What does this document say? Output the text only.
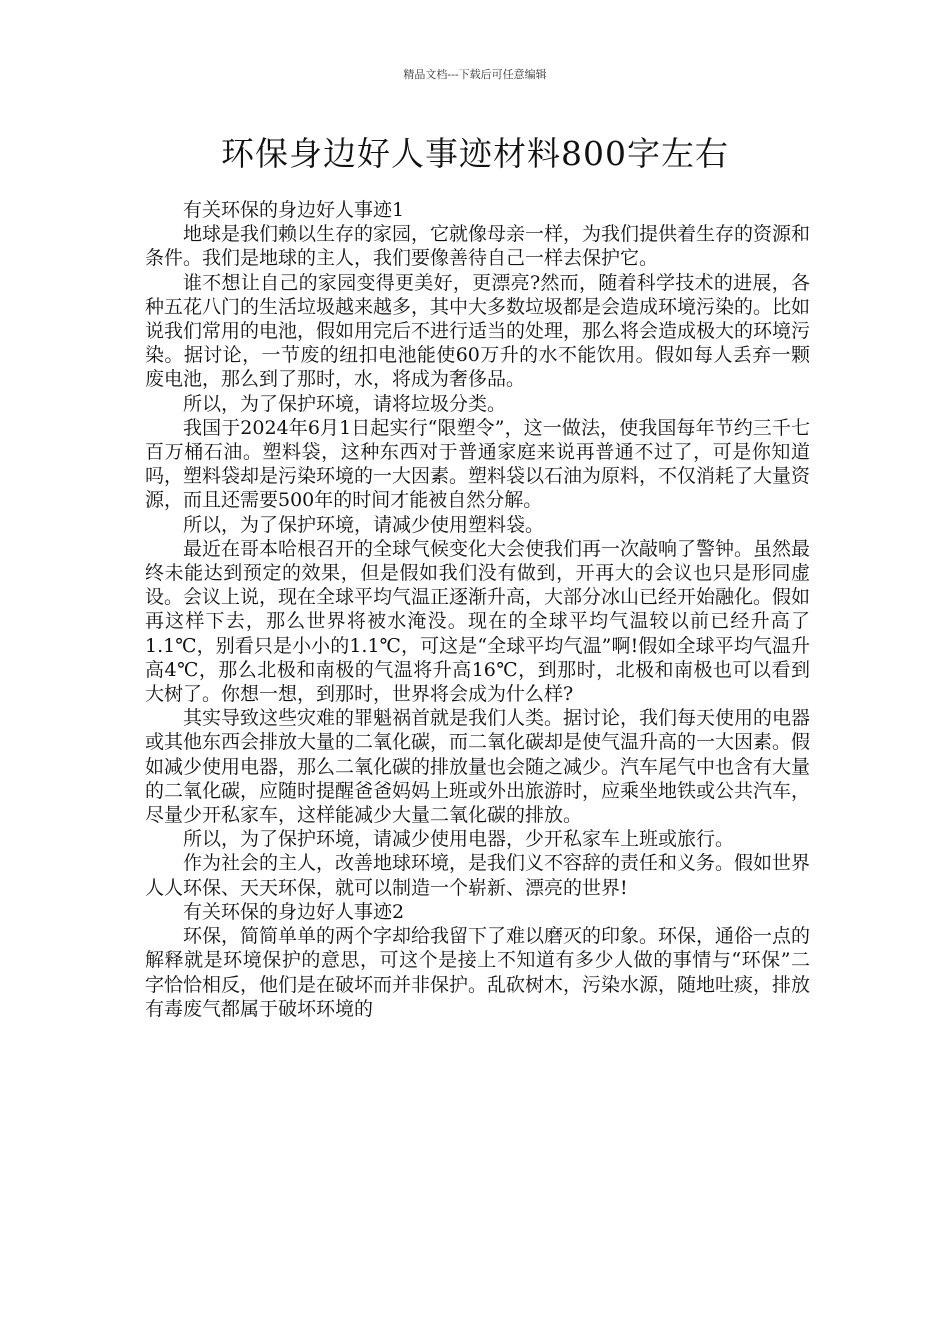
精品文档---下载后可任意编辑
环保身边好人事迹材料800字左右

有关环保的身边好人事迹1

地球是我们赖以生存的家园，它就像母亲一样，为我们提供着生存的资源和条件。我们是地球的主人，我们要像善待自己一样去保护它。

谁不想让自己的家园变得更美好，更漂亮?然而，随着科学技术的进展，各种五花八门的生活垃圾越来越多，其中大多数垃圾都是会造成环境污染的。比如说我们常用的电池，假如用完后不进行适当的处理，那么将会造成极大的环境污染。据讨论，一节废的纽扣电池能使60万升的水不能饮用。假如每人丢弃一颗废电池，那么到了那时，水，将成为奢侈品。

所以，为了保护环境，请将垃圾分类。

我国于2024年6月1日起实行“限塑令”，这一做法，使我国每年节约三千七百万桶石油。塑料袋，这种东西对于普通家庭来说再普通不过了，可是你知道吗，塑料袋却是污染环境的一大因素。塑料袋以石油为原料，不仅消耗了大量资源，而且还需要500年的时间才能被自然分解。

所以，为了保护环境，请减少使用塑料袋。

最近在哥本哈根召开的全球气候变化大会使我们再一次敲响了警钟。虽然最终未能达到预定的效果，但是假如我们没有做到，开再大的会议也只是形同虚设。会议上说，现在全球平均气温正逐渐升高，大部分冰山已经开始融化。假如再这样下去，那么世界将被水淹没。现在的全球平均气温较以前已经升高了1.1℃，别看只是小小的1.1℃，可这是“全球平均气温”啊!假如全球平均气温升高4℃，那么北极和南极的气温将升高16℃，到那时，北极和南极也可以看到大树了。你想一想，到那时，世界将会成为什么样?

其实导致这些灾难的罪魁祸首就是我们人类。据讨论，我们每天使用的电器或其他东西会排放大量的二氧化碳，而二氧化碳却是使气温升高的一大因素。假如减少使用电器，那么二氧化碳的排放量也会随之减少。汽车尾气中也含有大量的二氧化碳，应随时提醒爸爸妈妈上班或外出旅游时，应乘坐地铁或公共汽车，尽量少开私家车，这样能减少大量二氧化碳的排放。

所以，为了保护环境，请减少使用电器，少开私家车上班或旅行。

作为社会的主人，改善地球环境，是我们义不容辞的责任和义务。假如世界人人环保、天天环保，就可以制造一个崭新、漂亮的世界!

有关环保的身边好人事迹2

环保，简简单单的两个字却给我留下了难以磨灭的印象。环保，通俗一点的解释就是环境保护的意思，可这个是接上不知道有多少人做的事情与“环保”二字恰恰相反，他们是在破坏而并非保护。乱砍树木，污染水源，随地吐痰，排放有毒废气都属于破坏环境的
